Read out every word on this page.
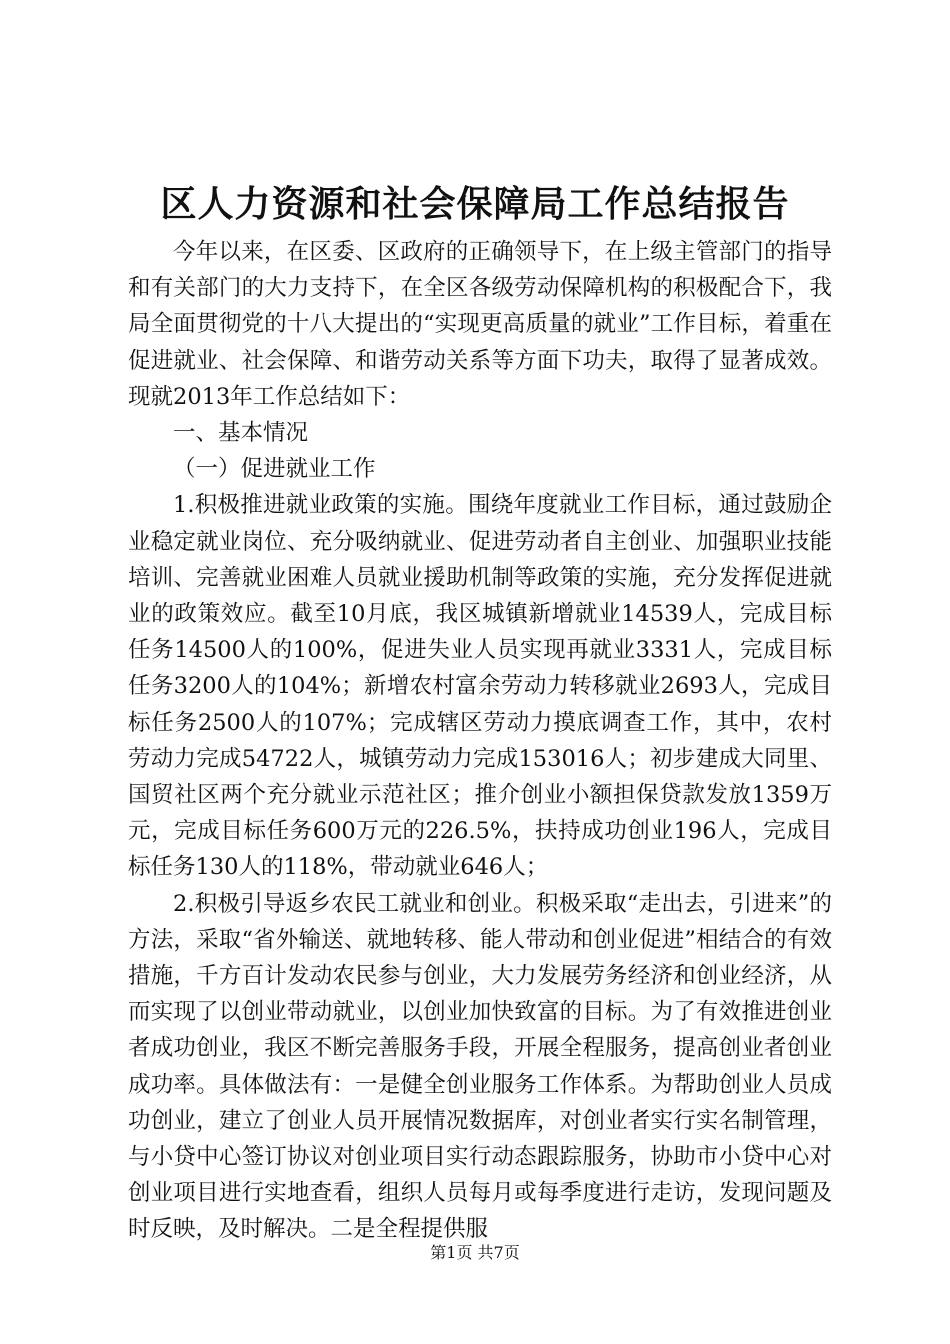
区人力资源和社会保障局工作总结报告

今年以来，在区委、区政府的正确领导下，在上级主管部门的指导和有关部门的大力支持下，在全区各级劳动保障机构的积极配合下，我局全面贯彻党的十八大提出的“实现更高质量的就业”工作目标，着重在促进就业、社会保障、和谐劳动关系等方面下功夫，取得了显著成效。现就2013年工作总结如下：

一、基本情况

（一）促进就业工作

1.积极推进就业政策的实施。围绕年度就业工作目标，通过鼓励企业稳定就业岗位、充分吸纳就业、促进劳动者自主创业、加强职业技能培训、完善就业困难人员就业援助机制等政策的实施，充分发挥促进就业的政策效应。截至10月底，我区城镇新增就业14539人，完成目标任务14500人的100%，促进失业人员实现再就业3331人，完成目标任务3200人的104%；新增农村富余劳动力转移就业2693人，完成目标任务2500人的107%；完成辖区劳动力摸底调查工作，其中，农村劳动力完成54722人，城镇劳动力完成153016人；初步建成大同里、国贸社区两个充分就业示范社区；推介创业小额担保贷款发放1359万元，完成目标任务600万元的226.5%，扶持成功创业196人，完成目标任务130人的118%，带动就业646人；

2.积极引导返乡农民工就业和创业。积极采取“走出去，引进来”的方法，采取“省外输送、就地转移、能人带动和创业促进”相结合的有效措施，千方百计发动农民参与创业，大力发展劳务经济和创业经济，从而实现了以创业带动就业，以创业加快致富的目标。为了有效推进创业者成功创业，我区不断完善服务手段，开展全程服务，提高创业者创业成功率。具体做法有：一是健全创业服务工作体系。为帮助创业人员成功创业，建立了创业人员开展情况数据库，对创业者实行实名制管理，与小贷中心签订协议对创业项目实行动态跟踪服务，协助市小贷中心对创业项目进行实地查看，组织人员每月或每季度进行走访，发现问题及时反映，及时解决。二是全程提供服

第1页 共7页
